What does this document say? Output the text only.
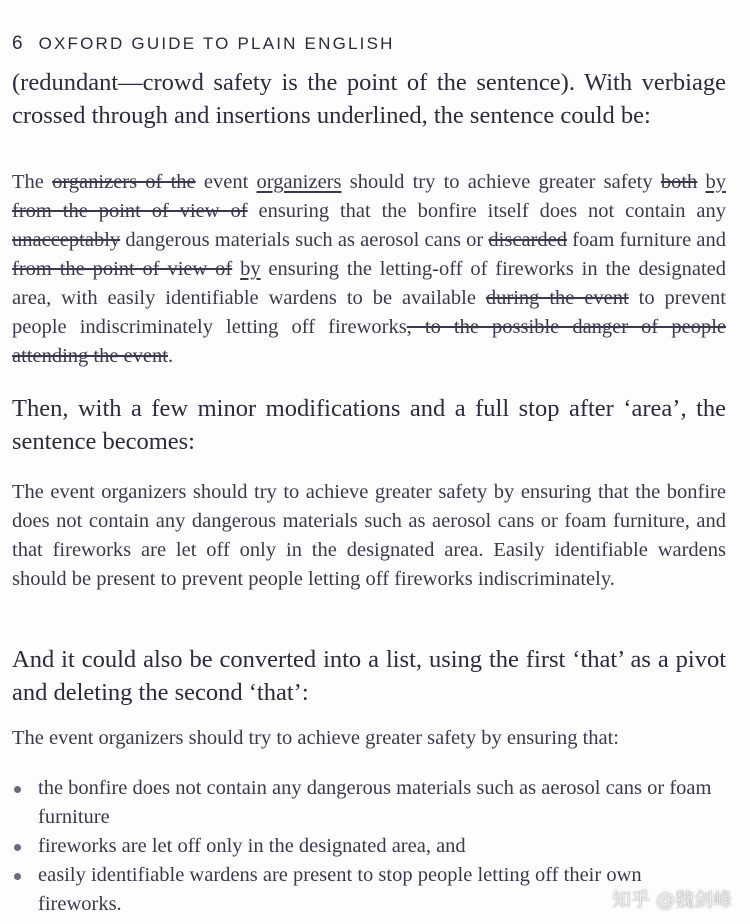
6 OXFORD GUIDE TO PLAIN ENGLISH

(redundant—crowd safety is the point of the sentence). With verbiage crossed through and insertions underlined, the sentence could be:

The organizers of the event organizers should try to achieve greater safety both by from the point of view of ensuring that the bonfire itself does not contain any unacceptably dangerous materials such as aerosol cans or discarded foam furniture and from the point of view of by ensuring the letting-off of fireworks in the designated area, with easily identifiable wardens to be available during the event to prevent people indiscriminately letting off fireworks, to the possible danger of people attending the event.

Then, with a few minor modifications and a full stop after ‘area’, the sentence becomes:

The event organizers should try to achieve greater safety by ensuring that the bonfire does not contain any dangerous materials such as aerosol cans or foam furniture, and that fireworks are let off only in the designated area. Easily identifiable wardens should be present to prevent people letting off fireworks indiscriminately.

And it could also be converted into a list, using the first ‘that’ as a pivot and deleting the second ‘that’:

The event organizers should try to achieve greater safety by ensuring that:

the bonfire does not contain any dangerous materials such as aerosol cans or foam furniture
fireworks are let off only in the designated area, and
easily identifiable wardens are present to stop people letting off their own fireworks.	知乎 @魏剑峰
